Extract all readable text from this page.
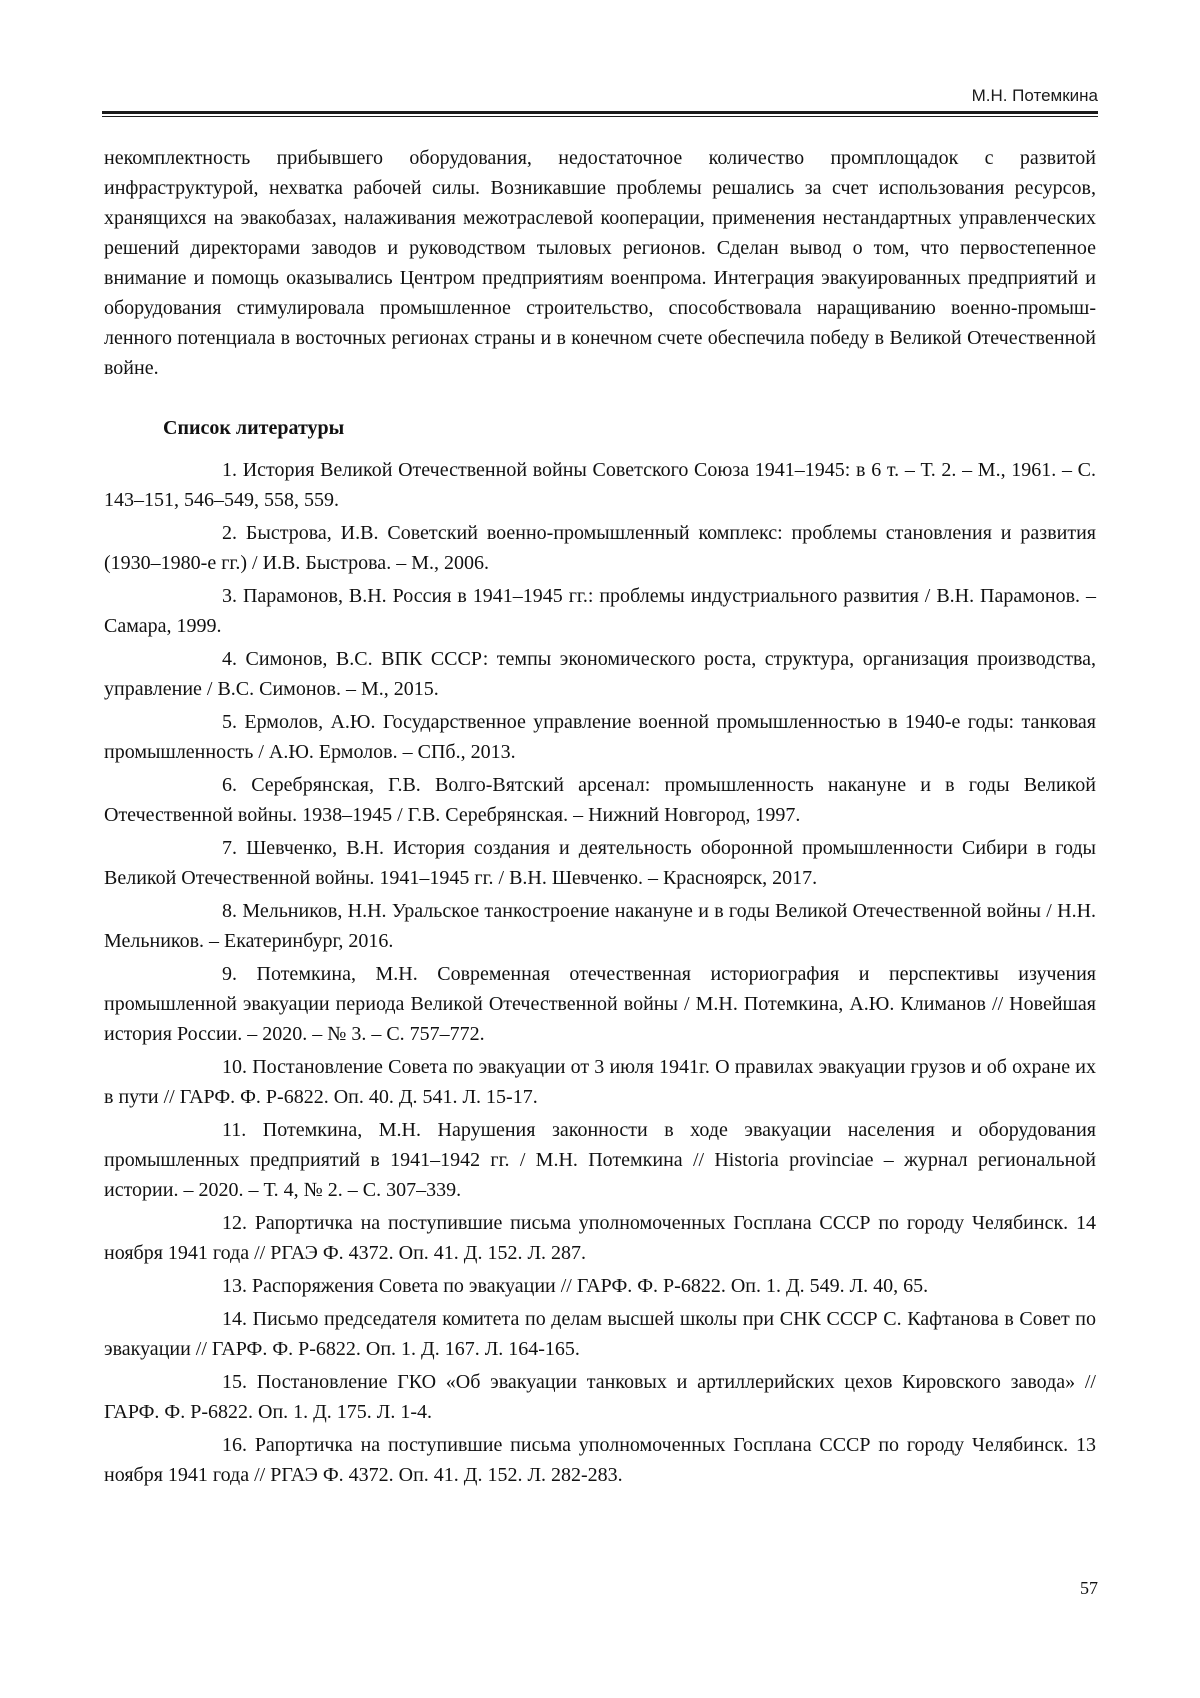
М.Н. Потемкина

некомплектность прибывшего оборудования, недостаточное количество промплощадок с развитой инфраструктурой, нехватка рабочей силы. Возникавшие проблемы решались за счет использования ресурсов, хранящихся на эвакобазах, налаживания межотраслевой кооперации, применения нестандартных управленческих решений директорами заводов и руководством тыловых регионов. Сделан вывод о том, что первостепенное внимание и помощь оказывались Центром предприятиям военпрома. Интеграция эвакуированных предприятий и оборудования стимулировала промышленное строительство, способствовала наращиванию военно-промышленного потенциала в восточных регионах страны и в конечном счете обеспечила победу в Великой Отечественной войне.

Список литературы
1. История Великой Отечественной войны Советского Союза 1941–1945: в 6 т. – Т. 2. – М., 1961. – С. 143–151, 546–549, 558, 559.
2. Быстрова, И.В. Советский военно-промышленный комплекс: проблемы становления и развития (1930–1980-е гг.) / И.В. Быстрова. – М., 2006.
3. Парамонов, В.Н. Россия в 1941–1945 гг.: проблемы индустриального развития / В.Н. Парамонов. – Самара, 1999.
4. Симонов, В.С. ВПК СССР: темпы экономического роста, структура, организация производства, управление / В.С. Симонов. – М., 2015.
5. Ермолов, А.Ю. Государственное управление военной промышленностью в 1940-е годы: танковая промышленность / А.Ю. Ермолов. – СПб., 2013.
6. Серебрянская, Г.В. Волго-Вятский арсенал: промышленность накануне и в годы Великой Отечественной войны. 1938–1945 / Г.В. Серебрянская. – Нижний Новгород, 1997.
7. Шевченко, В.Н. История создания и деятельность оборонной промышленности Сибири в годы Великой Отечественной войны. 1941–1945 гг. / В.Н. Шевченко. – Красноярск, 2017.
8. Мельников, Н.Н. Уральское танкостроение накануне и в годы Великой Отечественной войны / Н.Н. Мельников. – Екатеринбург, 2016.
9. Потемкина, М.Н. Современная отечественная историография и перспективы изучения промышленной эвакуации периода Великой Отечественной войны / М.Н. Потемкина, А.Ю. Климанов // Новейшая история России. – 2020. – № 3. – С. 757–772.
10. Постановление Совета по эвакуации от 3 июля 1941г. О правилах эвакуации грузов и об охране их в пути // ГАРФ. Ф. Р-6822. Оп. 40. Д. 541. Л. 15-17.
11. Потемкина, М.Н. Нарушения законности в ходе эвакуации населения и оборудования промышленных предприятий в 1941–1942 гг. / М.Н. Потемкина // Historia provinciae – журнал региональной истории. – 2020. – Т. 4, № 2. – С. 307–339.
12. Рапортичка на поступившие письма уполномоченных Госплана СССР по городу Челябинск. 14 ноября 1941 года // РГАЭ Ф. 4372. Оп. 41. Д. 152. Л. 287.
13. Распоряжения Совета по эвакуации // ГАРФ. Ф. Р-6822. Оп. 1. Д. 549. Л. 40, 65.
14. Письмо председателя комитета по делам высшей школы при СНК СССР С. Кафтанова в Совет по эвакуации // ГАРФ. Ф. Р-6822. Оп. 1. Д. 167. Л. 164-165.
15. Постановление ГКО «Об эвакуации танковых и артиллерийских цехов Кировского завода» // ГАРФ. Ф. Р-6822. Оп. 1. Д. 175. Л. 1-4.
16. Рапортичка на поступившие письма уполномоченных Госплана СССР по городу Челябинск. 13 ноября 1941 года // РГАЭ Ф. 4372. Оп. 41. Д. 152. Л. 282-283.
57
